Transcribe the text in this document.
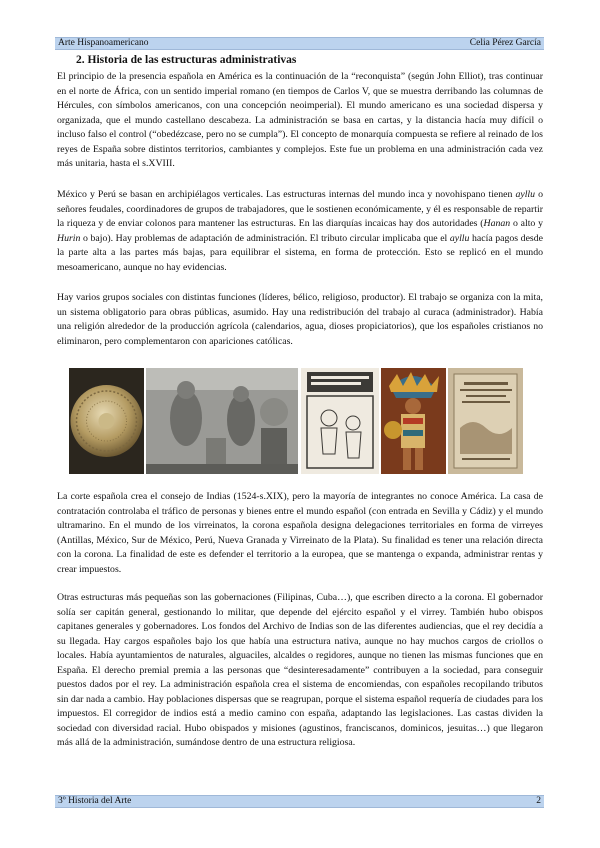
Arte Hispanoamericano	Celia Pérez García
2. Historia de las estructuras administrativas

El principio de la presencia española en América es la continuación de la “reconquista” (según John Elliot), tras continuar en el norte de África, con un sentido imperial romano (en tiempos de Carlos V, que se muestra derribando las columnas de Hércules, con símbolos americanos, con una concepción neoimperial). El mundo americano es una sociedad dispersa y organizada, que el mundo castellano descabeza. La administración se basa en cartas, y la distancia hacía muy difícil o incluso falso el control (“obedézcase, pero no se cumpla”). El concepto de monarquía compuesta se refiere al reinado de los reyes de España sobre distintos territorios, cambiantes y complejos. Este fue un problema en una administración cada vez más unitaria, hasta el s.XVIII.

México y Perú se basan en archipiélagos verticales. Las estructuras internas del mundo inca y novohispano tienen ayllu o señores feudales, coordinadores de grupos de trabajadores, que le sostienen económicamente, y él es responsable de repartir la riqueza y de enviar colonos para mantener las estructuras. En las diarquías incaicas hay dos autoridades (Hanan o alto y Hurin o bajo). Hay problemas de adaptación de administración. El tributo circular implicaba que el ayllu hacía pagos desde la parte alta a las partes más bajas, para equilibrar el sistema, en forma de protección. Esto se replicó en el mundo mesoamericano, aunque no hay evidencias.

Hay varios grupos sociales con distintas funciones (líderes, bélico, religioso, productor). El trabajo se organiza con la mita, un sistema obligatorio para obras públicas, asumido. Hay una redistribución del trabajo al curaca (administrador). Había una religión alrededor de la producción agrícola (calendarios, agua, dioses propiciatorios), que los españoles cristianos no eliminaron, pero complementaron con apariciones católicas.

La corte española crea el consejo de Indias (1524-s.XIX), pero la mayoría de integrantes no conoce América. La casa de contratación controlaba el tráfico de personas y bienes entre el mundo español (con entrada en Sevilla y Cádiz) y el mundo ultramarino. En el mundo de los virreinatos, la corona española designa delegaciones territoriales en forma de virreyes (Antillas, México, Sur de México, Perú, Nueva Granada y Virreinato de la Plata). Su finalidad es tener una relación directa con la corona. La finalidad de este es defender el territorio a la europea, que se mantenga o expanda, administrar rentas y crear impuestos.

Otras estructuras más pequeñas son las gobernaciones (Filipinas, Cuba…), que escriben directo a la corona. El gobernador solía ser capitán general, gestionando lo militar, que depende del ejército español y el virrey. También hubo obispos capitanes generales y gobernadores. Los fondos del Archivo de Indias son de las diferentes audiencias, que el rey decidía a su llegada. Hay cargos españoles bajo los que había una estructura nativa, aunque no hay muchos cargos de criollos o locales. Había ayuntamientos de naturales, alguaciles, alcaldes o regidores, aunque no tienen las mismas funciones que en España. El derecho premial premia a las personas que “desinteresadamente” contribuyen a la sociedad, para conseguir puestos dados por el rey. La administración española crea el sistema de encomiendas, con españoles recopilando tributos sin dar nada a cambio. Hay poblaciones dispersas que se reagrupan, porque el sistema español requería de ciudades para los impuestos. El corregidor de indios está a medio camino con españa, adaptando las legislaciones. Las castas dividen la sociedad con diversidad racial. Hubo obispados y misiones (agustinos, franciscanos, dominicos, jesuitas…) que llegaron más allá de la administración, sumándose dentro de una estructura religiosa.

3º Historia del Arte	2
